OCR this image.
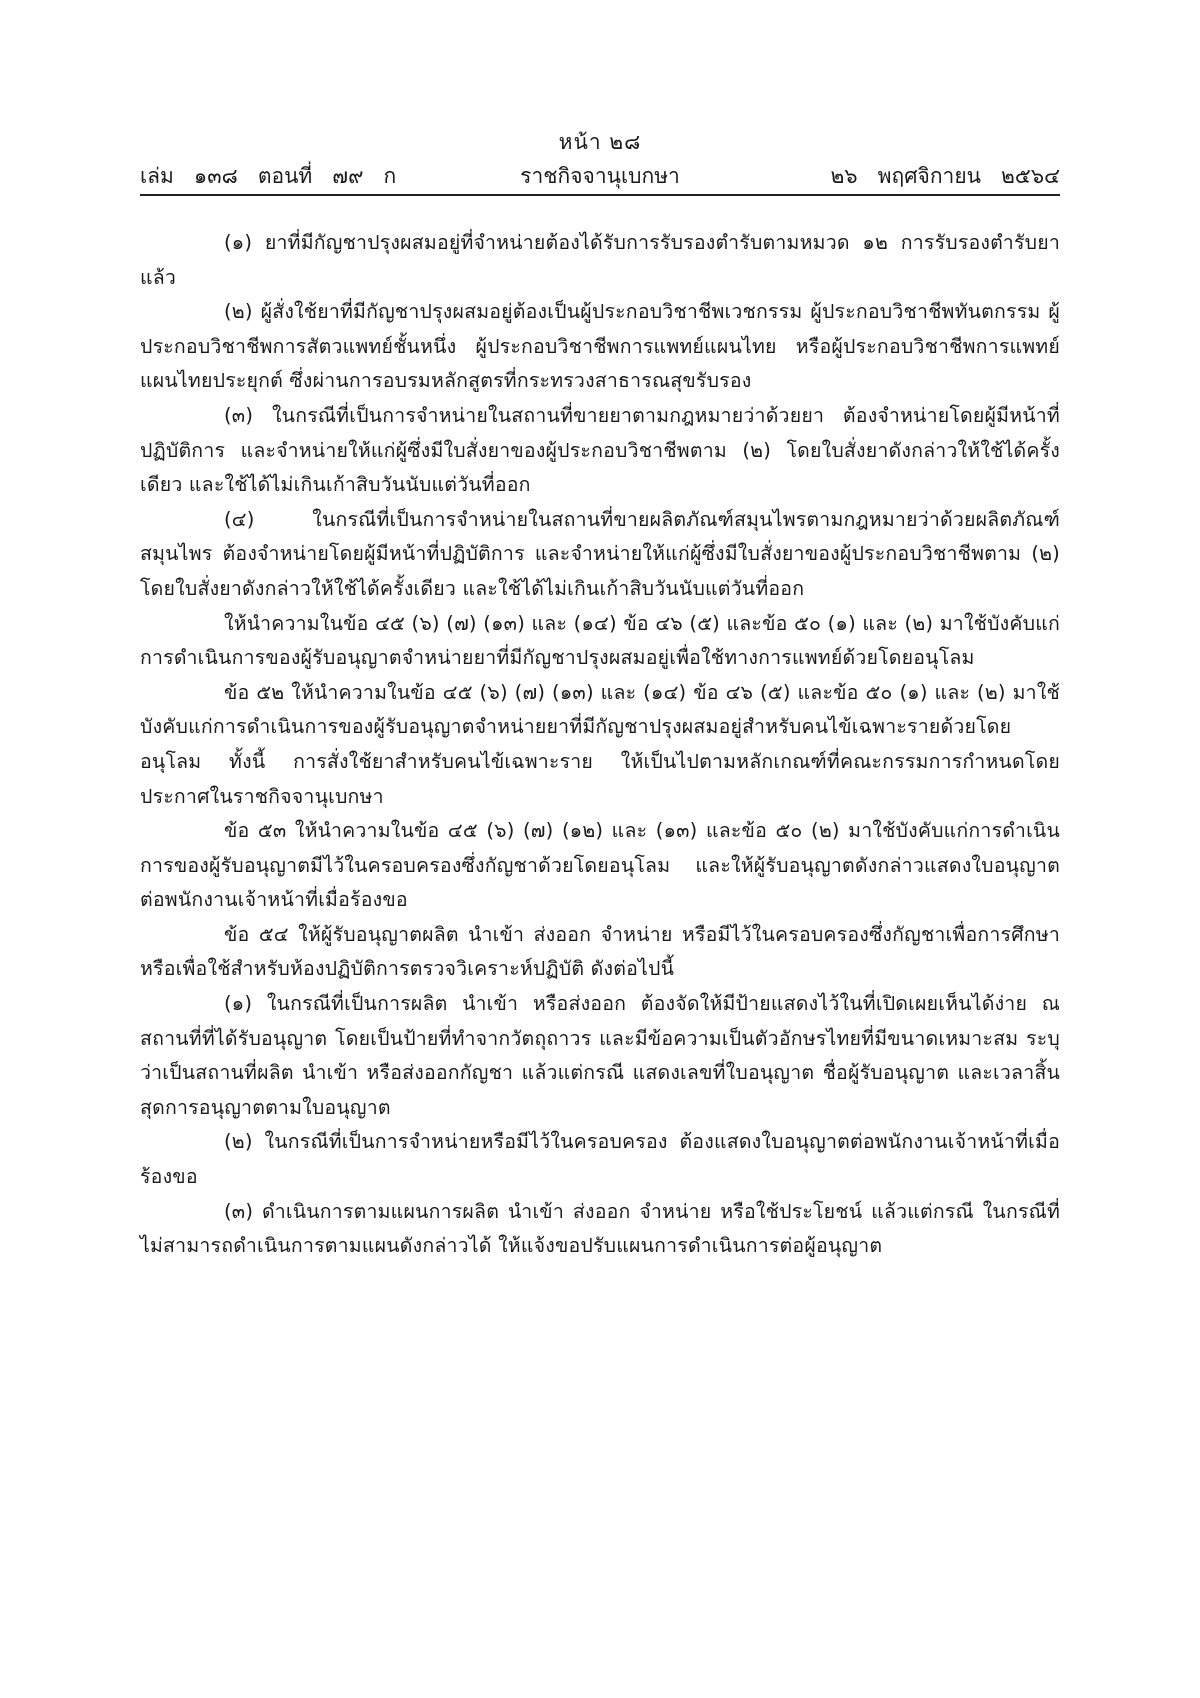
หน้า ๒๘
เล่ม   ๑๓๘   ตอนที่   ๗๙   ก	ราชกิจจานุเบกษา	๒๖   พฤศจิกายน   ๒๕๖๔

(๑) ยาที่มีกัญชาปรุงผสมอยู่ที่จำหน่ายต้องได้รับการรับรองตำรับตามหมวด ๑๒ การรับรองตำรับยาแล้ว

(๒) ผู้สั่งใช้ยาที่มีกัญชาปรุงผสมอยู่ต้องเป็นผู้ประกอบวิชาชีพเวชกรรม ผู้ประกอบวิชาชีพทันตกรรม ผู้ประกอบวิชาชีพการสัตวแพทย์ชั้นหนึ่ง ผู้ประกอบวิชาชีพการแพทย์แผนไทย หรือผู้ประกอบวิชาชีพการแพทย์แผนไทยประยุกต์ ซึ่งผ่านการอบรมหลักสูตรที่กระทรวงสาธารณสุขรับรอง

(๓) ในกรณีที่เป็นการจำหน่ายในสถานที่ขายยาตามกฎหมายว่าด้วยยา ต้องจำหน่ายโดยผู้มีหน้าที่ปฏิบัติการ และจำหน่ายให้แก่ผู้ซึ่งมีใบสั่งยาของผู้ประกอบวิชาชีพตาม (๒) โดยใบสั่งยาดังกล่าวให้ใช้ได้ครั้งเดียว และใช้ได้ไม่เกินเก้าสิบวันนับแต่วันที่ออก

(๔) ในกรณีที่เป็นการจำหน่ายในสถานที่ขายผลิตภัณฑ์สมุนไพรตามกฎหมายว่าด้วยผลิตภัณฑ์สมุนไพร ต้องจำหน่ายโดยผู้มีหน้าที่ปฏิบัติการ และจำหน่ายให้แก่ผู้ซึ่งมีใบสั่งยาของผู้ประกอบวิชาชีพตาม (๒) โดยใบสั่งยาดังกล่าวให้ใช้ได้ครั้งเดียว และใช้ได้ไม่เกินเก้าสิบวันนับแต่วันที่ออก

ให้นำความในข้อ ๔๕ (๖) (๗) (๑๓) และ (๑๔) ข้อ ๔๖ (๕) และข้อ ๕๐ (๑) และ (๒) มาใช้บังคับแก่การดำเนินการของผู้รับอนุญาตจำหน่ายยาที่มีกัญชาปรุงผสมอยู่เพื่อใช้ทางการแพทย์ด้วยโดยอนุโลม

ข้อ ๕๒ ให้นำความในข้อ ๔๕ (๖) (๗) (๑๓) และ (๑๔) ข้อ ๔๖ (๕) และข้อ ๕๐ (๑) และ (๒) มาใช้บังคับแก่การดำเนินการของผู้รับอนุญาตจำหน่ายยาที่มีกัญชาปรุงผสมอยู่สำหรับคนไข้เฉพาะรายด้วยโดยอนุโลม ทั้งนี้ การสั่งใช้ยาสำหรับคนไข้เฉพาะราย ให้เป็นไปตามหลักเกณฑ์ที่คณะกรรมการกำหนดโดยประกาศในราชกิจจานุเบกษา

ข้อ ๕๓ ให้นำความในข้อ ๔๕ (๖) (๗) (๑๒) และ (๑๓) และข้อ ๕๐ (๒) มาใช้บังคับแก่การดำเนินการของผู้รับอนุญาตมีไว้ในครอบครองซึ่งกัญชาด้วยโดยอนุโลม และให้ผู้รับอนุญาตดังกล่าวแสดงใบอนุญาตต่อพนักงานเจ้าหน้าที่เมื่อร้องขอ

ข้อ ๕๔ ให้ผู้รับอนุญาตผลิต นำเข้า ส่งออก จำหน่าย หรือมีไว้ในครอบครองซึ่งกัญชาเพื่อการศึกษาหรือเพื่อใช้สำหรับห้องปฏิบัติการตรวจวิเคราะห์ปฏิบัติ ดังต่อไปนี้

(๑) ในกรณีที่เป็นการผลิต นำเข้า หรือส่งออก ต้องจัดให้มีป้ายแสดงไว้ในที่เปิดเผยเห็นได้ง่าย ณ สถานที่ที่ได้รับอนุญาต โดยเป็นป้ายที่ทำจากวัตถุถาวร และมีข้อความเป็นตัวอักษรไทยที่มีขนาดเหมาะสม ระบุว่าเป็นสถานที่ผลิต นำเข้า หรือส่งออกกัญชา แล้วแต่กรณี แสดงเลขที่ใบอนุญาต ชื่อผู้รับอนุญาต และเวลาสิ้นสุดการอนุญาตตามใบอนุญาต

(๒) ในกรณีที่เป็นการจำหน่ายหรือมีไว้ในครอบครอง ต้องแสดงใบอนุญาตต่อพนักงานเจ้าหน้าที่เมื่อร้องขอ

(๓) ดำเนินการตามแผนการผลิต นำเข้า ส่งออก จำหน่าย หรือใช้ประโยชน์ แล้วแต่กรณี ในกรณีที่ไม่สามารถดำเนินการตามแผนดังกล่าวได้ ให้แจ้งขอปรับแผนการดำเนินการต่อผู้อนุญาต
